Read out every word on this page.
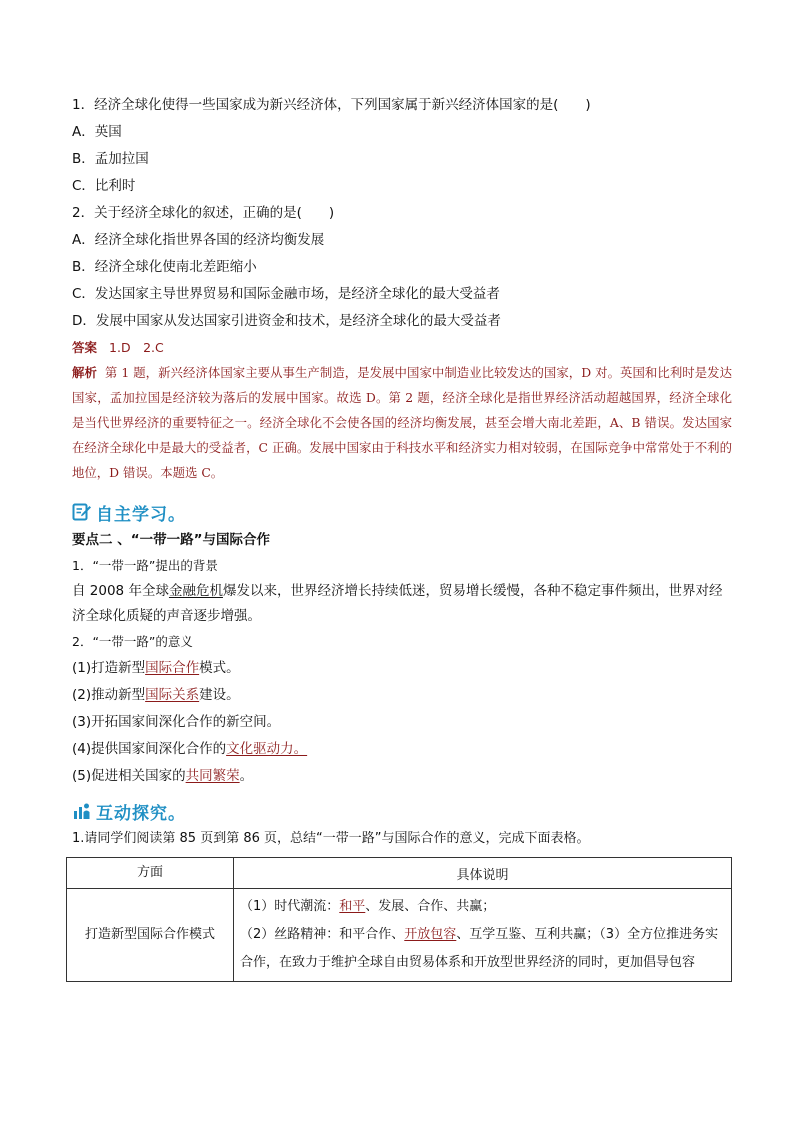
1．经济全球化使得一些国家成为新兴经济体，下列国家属于新兴经济体国家的是(　　)
A．英国
B．孟加拉国
C．比利时
2．关于经济全球化的叙述，正确的是(　　)
A．经济全球化指世界各国的经济均衡发展
B．经济全球化使南北差距缩小
C．发达国家主导世界贸易和国际金融市场，是经济全球化的最大受益者
D．发展中国家从发达国家引进资金和技术，是经济全球化的最大受益者
答案 1.D　2.C
解析 第 1 题，新兴经济体国家主要从事生产制造，是发展中国家中制造业比较发达的国家，D 对。英国和比利时是发达国家，孟加拉国是经济较为落后的发展中国家。故选 D。第 2 题，经济全球化是指世界经济活动超越国界，经济全球化是当代世界经济的重要特征之一。经济全球化不会使各国的经济均衡发展，甚至会增大南北差距，A、B 错误。发达国家在经济全球化中是最大的受益者，C 正确。发展中国家由于科技水平和经济实力相对较弱，在国际竞争中常常处于不利的地位，D 错误。本题选 C。
自主学习 。
要点二 、“一带一路”与国际合作
1．“一带一路”提出的背景
自 2008 年全球金融危机爆发以来，世界经济增长持续低迷，贸易增长缓慢，各种不稳定事件频出，世界对经济全球化质疑的声音逐步增强。
2．“一带一路”的意义
(1)打造新型国际合作模式。
(2)推动新型国际关系建设。
(3)开拓国家间深化合作的新空间。
(4)提供国家间深化合作的文化驱动力。
(5)促进相关国家的共同繁荣。
互动探究 。
1.请同学们阅读第 85 页到第 86 页，总结“一带一路”与国际合作的意义，完成下面表格。
方面	具体说明
打造新型国际合作模式	（1）时代潮流：和平、发展、合作、共赢；
（2）丝路精神：和平合作、开放包容、互学互鉴、互利共赢；（3）全方位推进务实合作，在致力于维护全球自由贸易体系和开放型世界经济的同时，更加倡导包容
